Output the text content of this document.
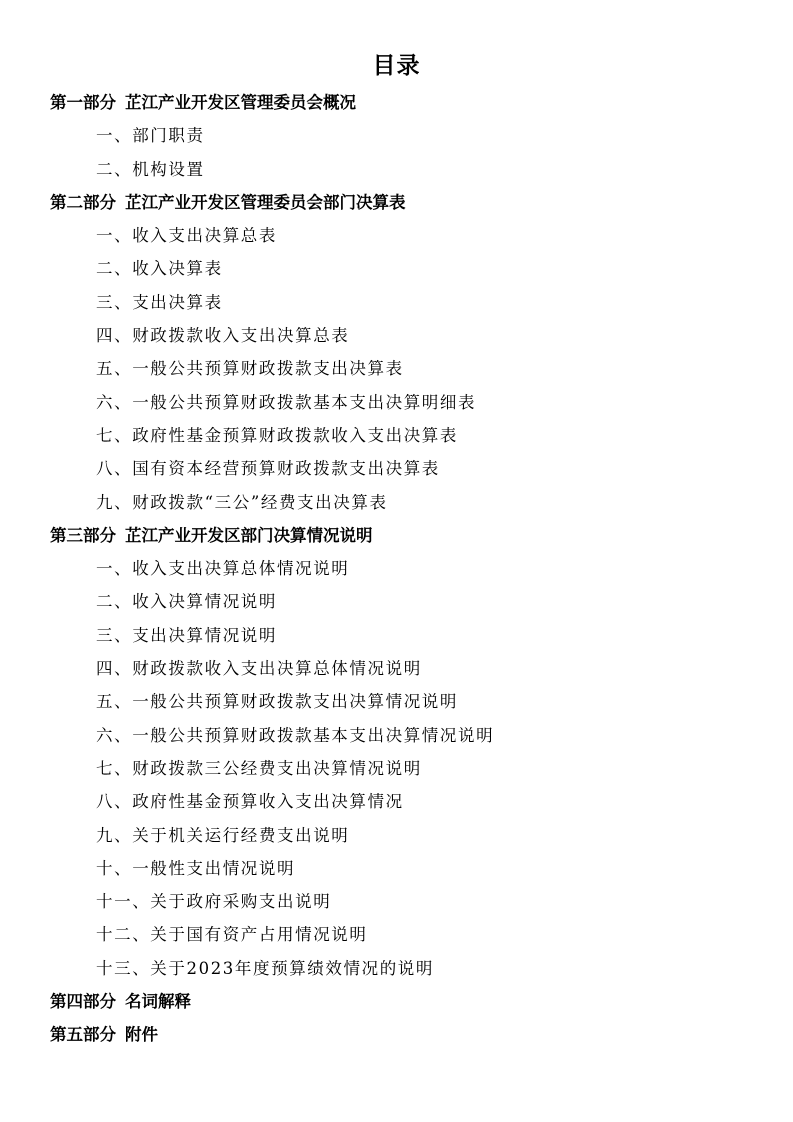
目录
第一部分 芷江产业开发区管理委员会概况
一、部门职责
二、机构设置
第二部分 芷江产业开发区管理委员会部门决算表
一、收入支出决算总表
二、收入决算表
三、支出决算表
四、财政拨款收入支出决算总表
五、一般公共预算财政拨款支出决算表
六、一般公共预算财政拨款基本支出决算明细表
七、政府性基金预算财政拨款收入支出决算表
八、国有资本经营预算财政拨款支出决算表
九、财政拨款“三公”经费支出决算表
第三部分 芷江产业开发区部门决算情况说明
一、收入支出决算总体情况说明
二、收入决算情况说明
三、支出决算情况说明
四、财政拨款收入支出决算总体情况说明
五、一般公共预算财政拨款支出决算情况说明
六、一般公共预算财政拨款基本支出决算情况说明
七、财政拨款三公经费支出决算情况说明
八、政府性基金预算收入支出决算情况
九、关于机关运行经费支出说明
十、一般性支出情况说明
十一、关于政府采购支出说明
十二、关于国有资产占用情况说明
十三、关于2023年度预算绩效情况的说明
第四部分 名词解释
第五部分 附件
